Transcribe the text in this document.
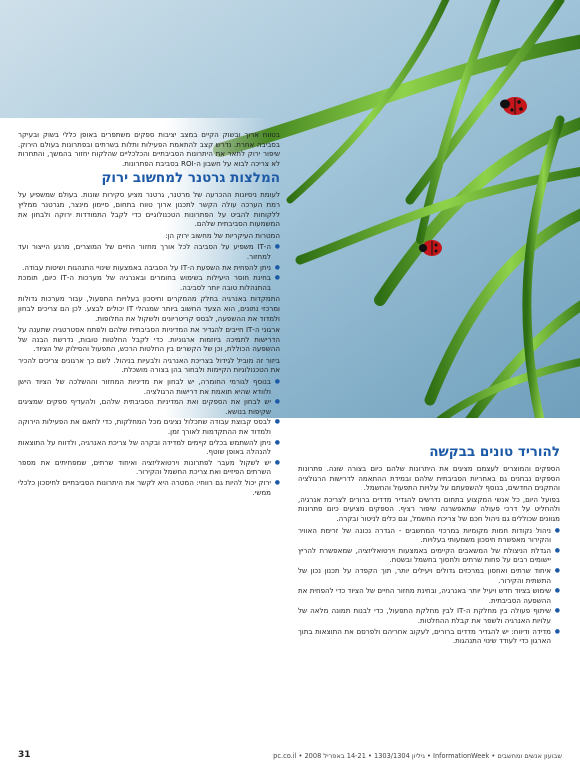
בטווח ארוך ובשוק הקיים במצב יציבות ספקים משתפרים באופן כללי בשוק ובעיקר בסביבה אחרת. נדרש קצב להתאמת הפעילות ותלות בשרתים ובפתרונות בעולם הירוק. שיפור ירוק לתאר את היתרונות הסביבתיים והכלכליים שהלקוח יחזור בהמשך, והתחרות לא צריכה לבוא על חשבון ה-ROI בסביבת הפתרונות.

המלצות גרטנר למחשוב ירוק

לעומת ניסיונות ההכרעה של מרטנר, גרטנר מציע סקירות שונות. בעולם שמשפיע על רמת הערכה עולה הקשר לתכנון ארוך טווח בתחום, סיימון מינצר, מגרטנר ממליץ ללקוחות להביט על הפתרונות הטכנולוגיים כדי לקבל התמודדות ירוקה ולבחון את המשמעות הסביבתית שלהם.

המטרות העיקריות של מחשוב ירוק הן:

● ה-IT משפיע על הסביבה לכל אורך מחזור החיים של המוצרים, מרגע הייצור ועד למחזור.
● ניתן להפחית את השפעת ה-IT על הסביבה באמצעות שינויי התנהגות ושיטות עבודה.
● בחינת חוסר היעילות בשימוש בחומרים ובאנרגיה של מערכות ה-IT כיום, תומכת בהתנהלות טובה יותר לסביבה.

התמקדות באנרגיה בחלק מהמקרים וחיסכון בעלויות התפעול, עבור מערכות גדולות ומרכזי נתונים, הוא הצעד החשוב ביותר שמנהלי IT יכולים לבצע. לכן הם צריכים לבחון ולמדוד את ההשפעה, לבסס קריטריונים ולשקול את החלופות.

ארגוני ה-IT חייבים להגדיר את המדיניות הסביבתית שלהם ולפתח אסטרטגיה שתענה על הדרישות לתמיכה ביוזמות ארגוניות. כדי לקבל החלטות טובות, נדרשת הבנה של ההשפעה הכוללת, וכן של הקשרים בין החלטות הרכש, התפעול והסילוק של הציוד.

ביזור זה מוביל לגידול בצריכת האנרגיה ולבעיות בניהול. לשם כך ארגונים צריכים להכיר את הטכנולוגיות הקיימות ולבחור בהן בצורה מושכלת.

● בנוסף לגורמי החומרה, יש לבחון את מדיניות המחזור וההשלכה של הציוד הישן ולוודא שהיא תואמת את דרישות הרגולציה.
● יש לבחון את הספקים ואת המדיניות הסביבתית שלהם, ולהעדיף ספקים שמציגים שקיפות בנושא.
● לבסס קבוצת עבודה שתכלול נציגים מכל המחלקות, כדי לתאם את הפעילות הירוקה ולמדוד את ההתקדמות לאורך זמן.
● ניתן להשתמש בכלים קיימים למדידה ובקרה של צריכת האנרגיה, ולדווח על התוצאות להנהלה באופן שוטף.
● יש לשקול מעבר לפתרונות וירטואליזציה ואיחוד שרתים, שמפחיתים את מספר השרתים הפיזיים ואת צריכת החשמל והקירור.
● ירוק יכול להיות גם רווחי: המטרה היא לקשר את היתרונות הסביבתיים לחיסכון כלכלי ממשי.
להוריד טונים בבקשה

הספקים והמוצרים לעצמם מציגים את היתרונות שלהם כיום בצורה שונה. פתרונות הספקים נבחנים גם באחריות הסביבתית שלהם ובמידת ההתאמה לדרישות הרגולציה והתקנים החדשים, בנוסף להשפעתם על עלויות התפעול והחשמל.

בפועל היום, כל אנשי המקצוע בתחום נדרשים להגדיר מדדים ברורים לצריכת אנרגיה, ולהחליט על דרכי פעולה שתאפשרנה שיפור רציף. הספקים מציעים כיום פתרונות מגוונים שכוללים גם ניהול חכם של צריכת החשמל, וגם כלים לניטור ובקרה.

● ניהול נקודות חמות מקומיות במרכזי המחשבים - הגדרה נכונה של זרימת האוויר והקירור מאפשרת חיסכון משמעותי בעלויות.
● הגדלת הניצולת של המשאבים הקיימים באמצעות וירטואליזציה, שמאפשרת להריץ יישומים רבים על פחות שרתים ולחסוך בחשמל ובשטח.
● איחוד שרתים ואחסון במרכזים גדולים ויעילים יותר, תוך הקפדה על תכנון נכון של התשתית והקירור.
● שימוש בציוד חדש ויעיל יותר באנרגיה, ובחינת מחזור החיים של הציוד כדי להפחית את ההשפעה הסביבתית.
● שיתוף פעולה בין מחלקת ה-IT לבין מחלקת התפעול, כדי לבנות תמונה מלאה של עלויות האנרגיה ולשפר את קבלת ההחלטות.
● מדידה ודיווח: יש להגדיר מדדים ברורים, לעקוב אחריהם ולפרסם את התוצאות בתוך הארגון כדי לעודד שינוי התנהגות.
31	שבועון אנשים ומחשבים • InformationWeek • גיליון 1303/1304 • 14-21 באפריל 2008 • pc.co.il
